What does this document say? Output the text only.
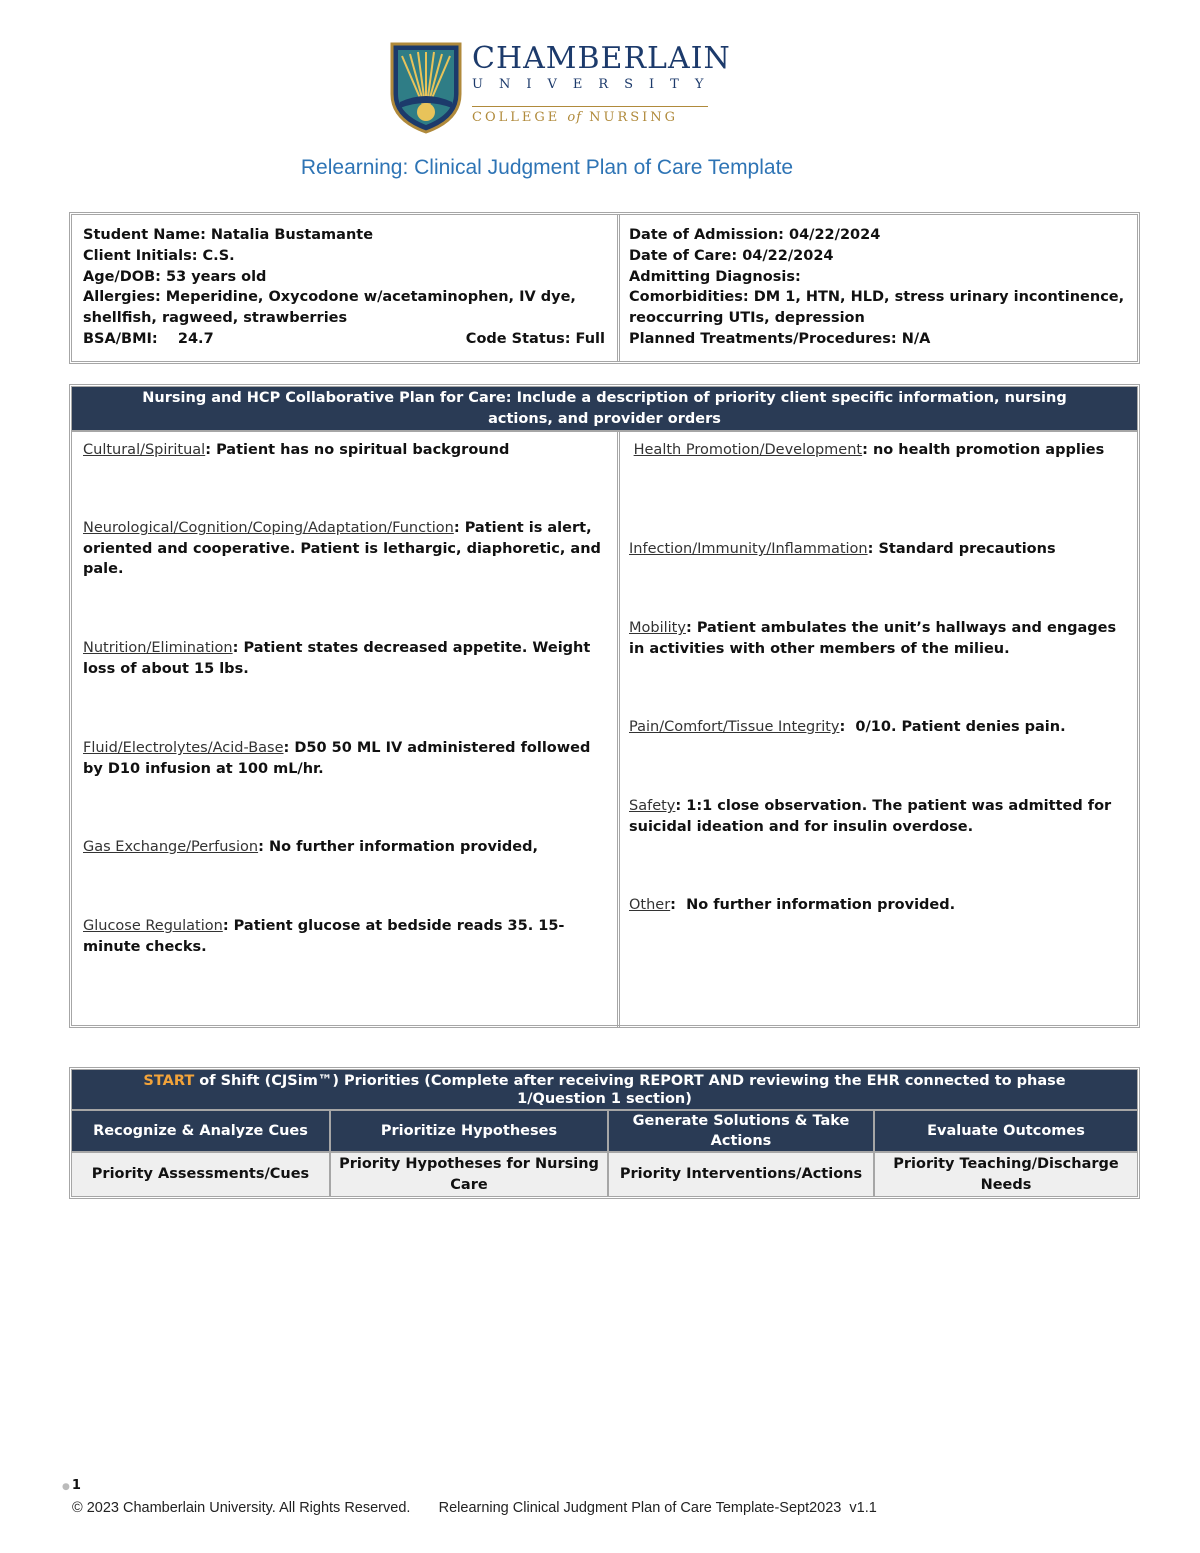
CHAMBERLAIN
UNIVERSITY
COLLEGE of NURSING
Relearning: Clinical Judgment Plan of Care Template
Student Name: Natalia Bustamante
Client Initials: C.S.
Age/DOB: 53 years old
Allergies: Meperidine, Oxycodone w/acetaminophen, IV dye, shellfish, ragweed, strawberries
BSA/BMI:    24.7	Code Status: Full
Date of Admission: 04/22/2024
Date of Care: 04/22/2024
Admitting Diagnosis:
Comorbidities: DM 1, HTN, HLD, stress urinary incontinence, reoccurring UTIs, depression
Planned Treatments/Procedures: N/A
Nursing and HCP Collaborative Plan for Care: Include a description of priority client specific information, nursing actions, and provider orders
Cultural/Spiritual: Patient has no spiritual background
Neurological/Cognition/Coping/Adaptation/Function: Patient is alert, oriented and cooperative. Patient is lethargic, diaphoretic, and pale.
Nutrition/Elimination: Patient states decreased appetite. Weight loss of about 15 lbs.
Fluid/Electrolytes/Acid-Base: D50 50 ML IV administered followed by D10 infusion at 100 mL/hr.
Gas Exchange/Perfusion: No further information provided,
Glucose Regulation: Patient glucose at bedside reads 35. 15-minute checks.
Health Promotion/Development: no health promotion applies
Infection/Immunity/Inflammation: Standard precautions
Mobility: Patient ambulates the unit’s hallways and engages in activities with other members of the milieu.
Pain/Comfort/Tissue Integrity:  0/10. Patient denies pain.
Safety: 1:1 close observation. The patient was admitted for suicidal ideation and for insulin overdose.
Other:  No further information provided.
START of Shift (CJSim™) Priorities (Complete after receiving REPORT AND reviewing the EHR connected to phase 1/Question 1 section)
Recognize & Analyze Cues	Prioritize Hypotheses
Generate Solutions & Take Actions
Evaluate Outcomes
Priority Assessments/Cues
Priority Hypotheses for Nursing Care
Priority Interventions/Actions
Priority Teaching/Discharge Needs
● 1
© 2023 Chamberlain University. All Rights Reserved.       Relearning Clinical Judgment Plan of Care Template-Sept2023  v1.1
